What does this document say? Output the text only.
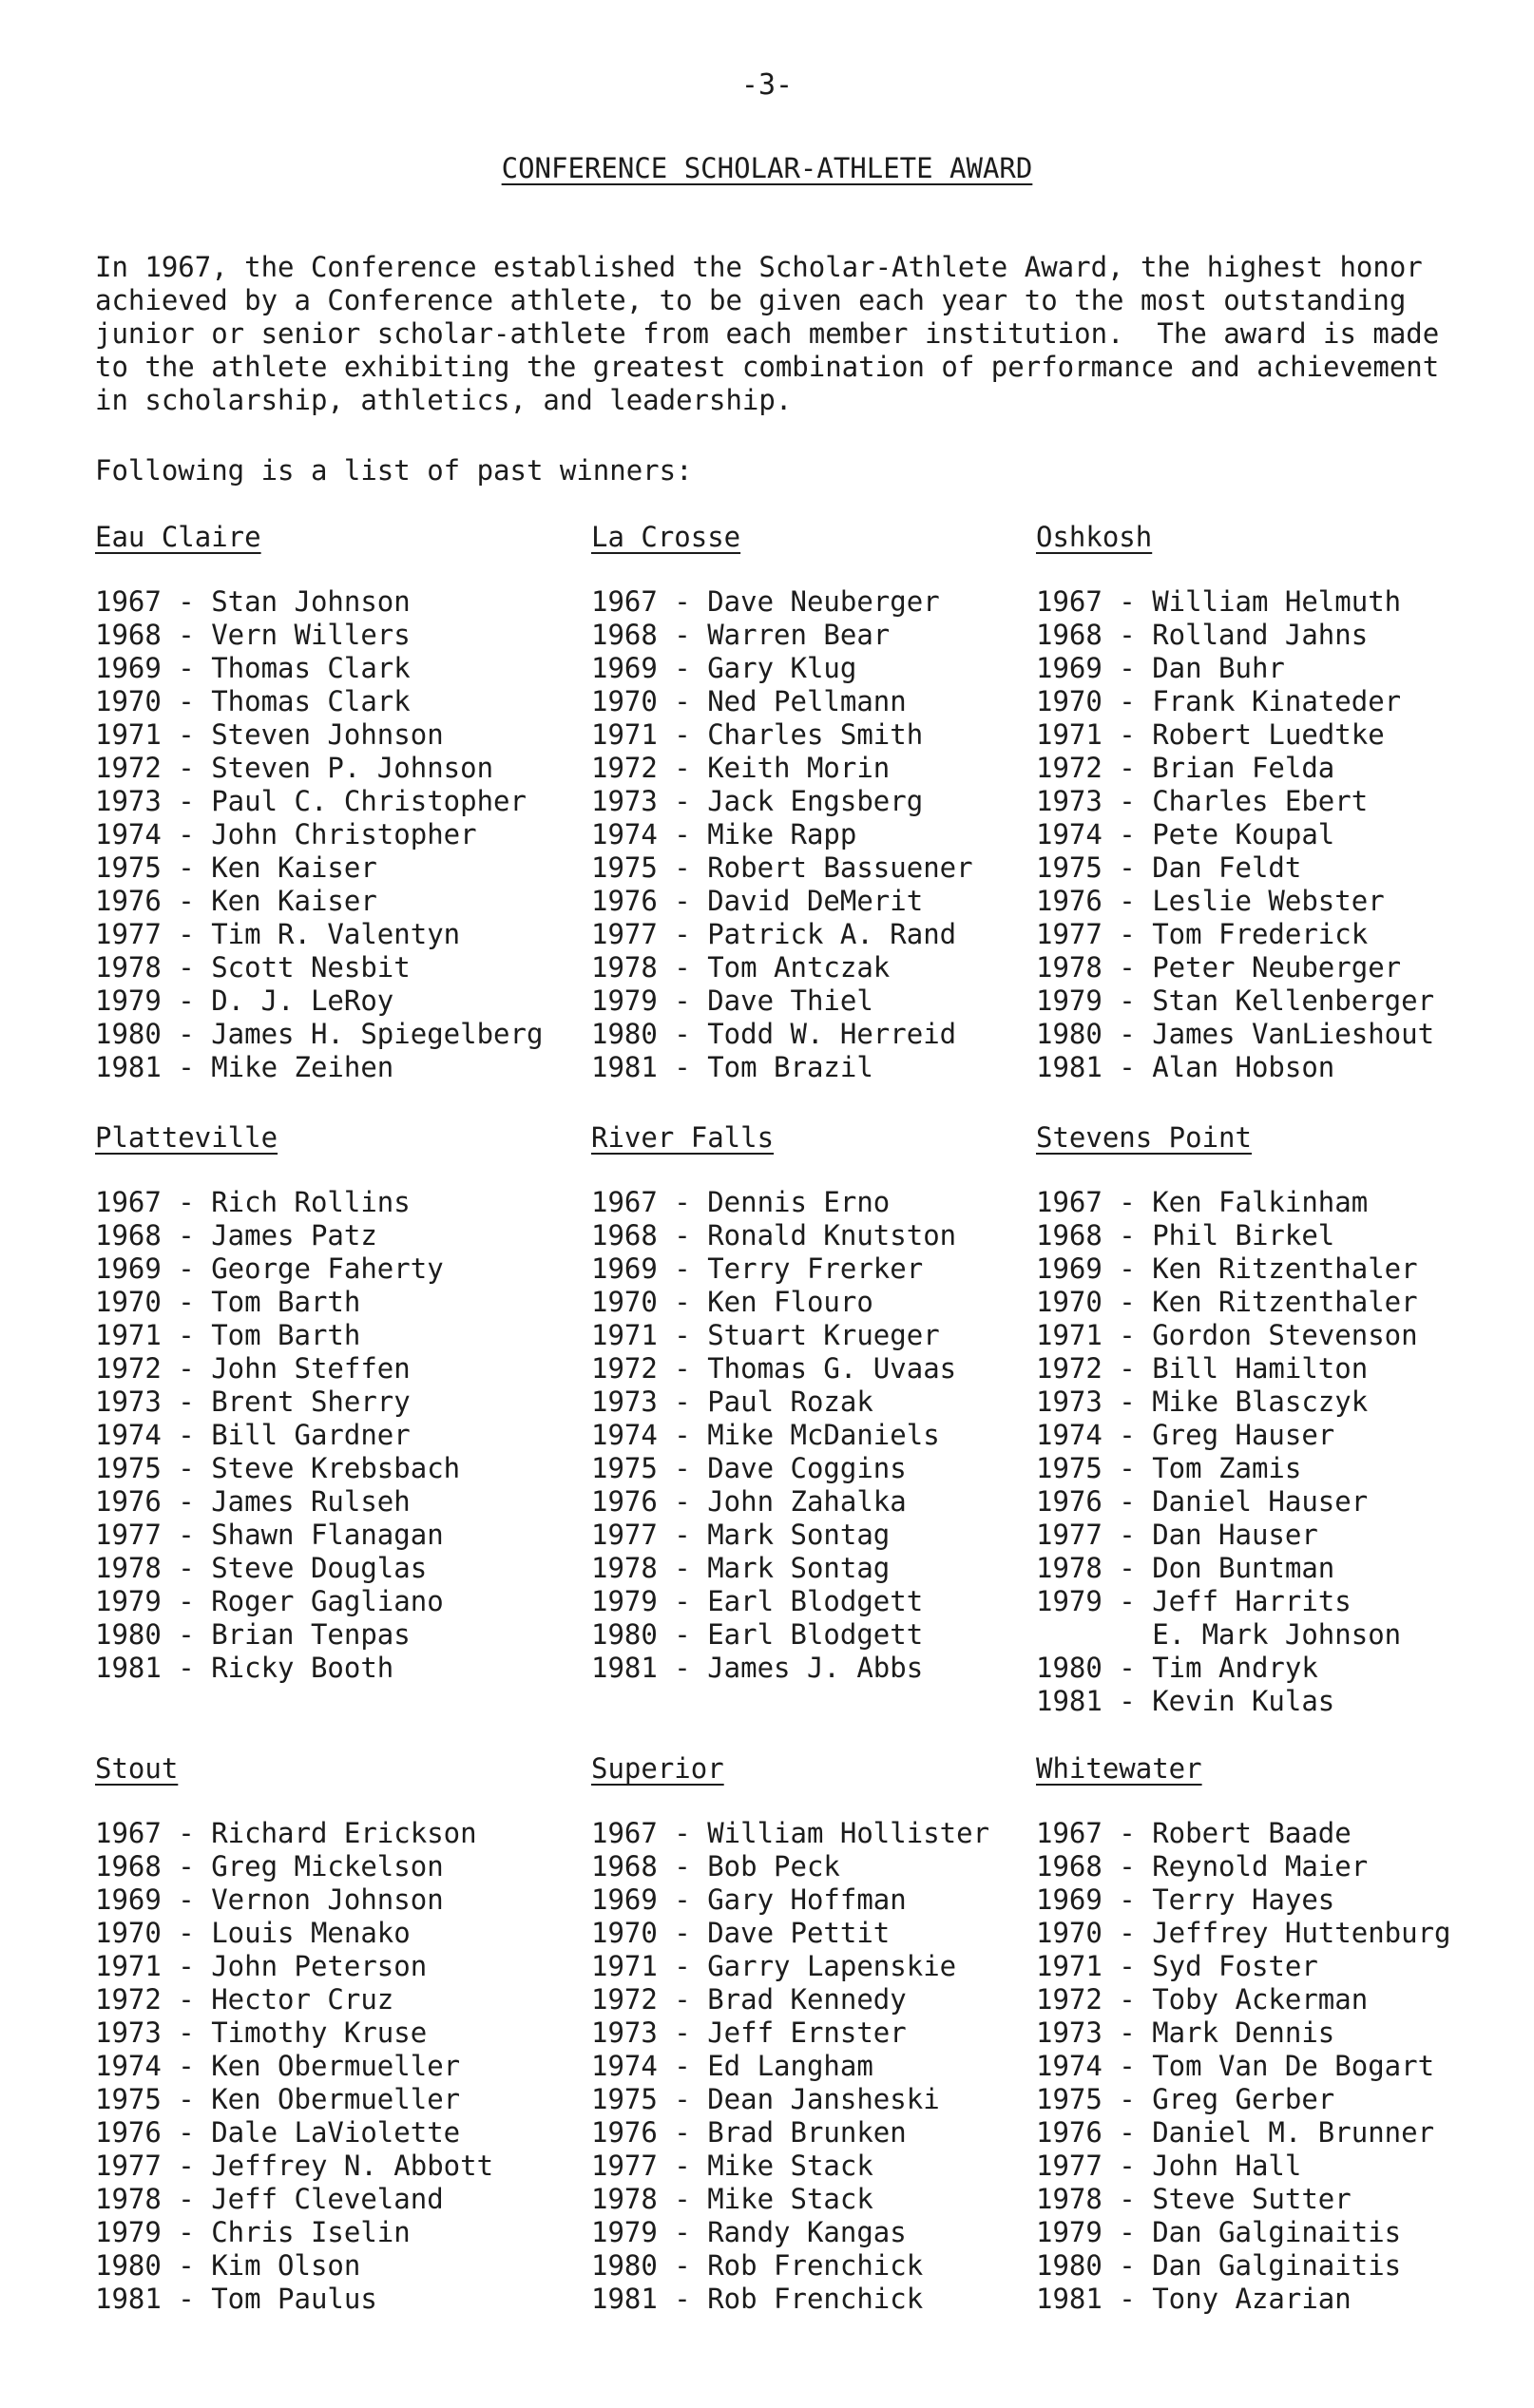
-3-
CONFERENCE SCHOLAR-ATHLETE AWARD
In 1967, the Conference established the Scholar-Athlete Award, the highest honor
achieved by a Conference athlete, to be given each year to the most outstanding
junior or senior scholar-athlete from each member institution.  The award is made
to the athlete exhibiting the greatest combination of performance and achievement
in scholarship, athletics, and leadership.
Following is a list of past winners:
Eau Claire
1967 - Stan Johnson
1968 - Vern Willers
1969 - Thomas Clark
1970 - Thomas Clark
1971 - Steven Johnson
1972 - Steven P. Johnson
1973 - Paul C. Christopher
1974 - John Christopher
1975 - Ken Kaiser
1976 - Ken Kaiser
1977 - Tim R. Valentyn
1978 - Scott Nesbit
1979 - D. J. LeRoy
1980 - James H. Spiegelberg
1981 - Mike Zeihen
La Crosse
1967 - Dave Neuberger
1968 - Warren Bear
1969 - Gary Klug
1970 - Ned Pellmann
1971 - Charles Smith
1972 - Keith Morin
1973 - Jack Engsberg
1974 - Mike Rapp
1975 - Robert Bassuener
1976 - David DeMerit
1977 - Patrick A. Rand
1978 - Tom Antczak
1979 - Dave Thiel
1980 - Todd W. Herreid
1981 - Tom Brazil
Oshkosh
1967 - William Helmuth
1968 - Rolland Jahns
1969 - Dan Buhr
1970 - Frank Kinateder
1971 - Robert Luedtke
1972 - Brian Felda
1973 - Charles Ebert
1974 - Pete Koupal
1975 - Dan Feldt
1976 - Leslie Webster
1977 - Tom Frederick
1978 - Peter Neuberger
1979 - Stan Kellenberger
1980 - James VanLieshout
1981 - Alan Hobson
Platteville
1967 - Rich Rollins
1968 - James Patz
1969 - George Faherty
1970 - Tom Barth
1971 - Tom Barth
1972 - John Steffen
1973 - Brent Sherry
1974 - Bill Gardner
1975 - Steve Krebsbach
1976 - James Rulseh
1977 - Shawn Flanagan
1978 - Steve Douglas
1979 - Roger Gagliano
1980 - Brian Tenpas
1981 - Ricky Booth
River Falls
1967 - Dennis Erno
1968 - Ronald Knutston
1969 - Terry Frerker
1970 - Ken Flouro
1971 - Stuart Krueger
1972 - Thomas G. Uvaas
1973 - Paul Rozak
1974 - Mike McDaniels
1975 - Dave Coggins
1976 - John Zahalka
1977 - Mark Sontag
1978 - Mark Sontag
1979 - Earl Blodgett
1980 - Earl Blodgett
1981 - James J. Abbs
Stevens Point
1967 - Ken Falkinham
1968 - Phil Birkel
1969 - Ken Ritzenthaler
1970 - Ken Ritzenthaler
1971 - Gordon Stevenson
1972 - Bill Hamilton
1973 - Mike Blasczyk
1974 - Greg Hauser
1975 - Tom Zamis
1976 - Daniel Hauser
1977 - Dan Hauser
1978 - Don Buntman
1979 - Jeff Harrits
E. Mark Johnson
1980 - Tim Andryk
1981 - Kevin Kulas
Stout
1967 - Richard Erickson
1968 - Greg Mickelson
1969 - Vernon Johnson
1970 - Louis Menako
1971 - John Peterson
1972 - Hector Cruz
1973 - Timothy Kruse
1974 - Ken Obermueller
1975 - Ken Obermueller
1976 - Dale LaViolette
1977 - Jeffrey N. Abbott
1978 - Jeff Cleveland
1979 - Chris Iselin
1980 - Kim Olson
1981 - Tom Paulus
Superior
1967 - William Hollister
1968 - Bob Peck
1969 - Gary Hoffman
1970 - Dave Pettit
1971 - Garry Lapenskie
1972 - Brad Kennedy
1973 - Jeff Ernster
1974 - Ed Langham
1975 - Dean Jansheski
1976 - Brad Brunken
1977 - Mike Stack
1978 - Mike Stack
1979 - Randy Kangas
1980 - Rob Frenchick
1981 - Rob Frenchick
Whitewater
1967 - Robert Baade
1968 - Reynold Maier
1969 - Terry Hayes
1970 - Jeffrey Huttenburg
1971 - Syd Foster
1972 - Toby Ackerman
1973 - Mark Dennis
1974 - Tom Van De Bogart
1975 - Greg Gerber
1976 - Daniel M. Brunner
1977 - John Hall
1978 - Steve Sutter
1979 - Dan Galginaitis
1980 - Dan Galginaitis
1981 - Tony Azarian
